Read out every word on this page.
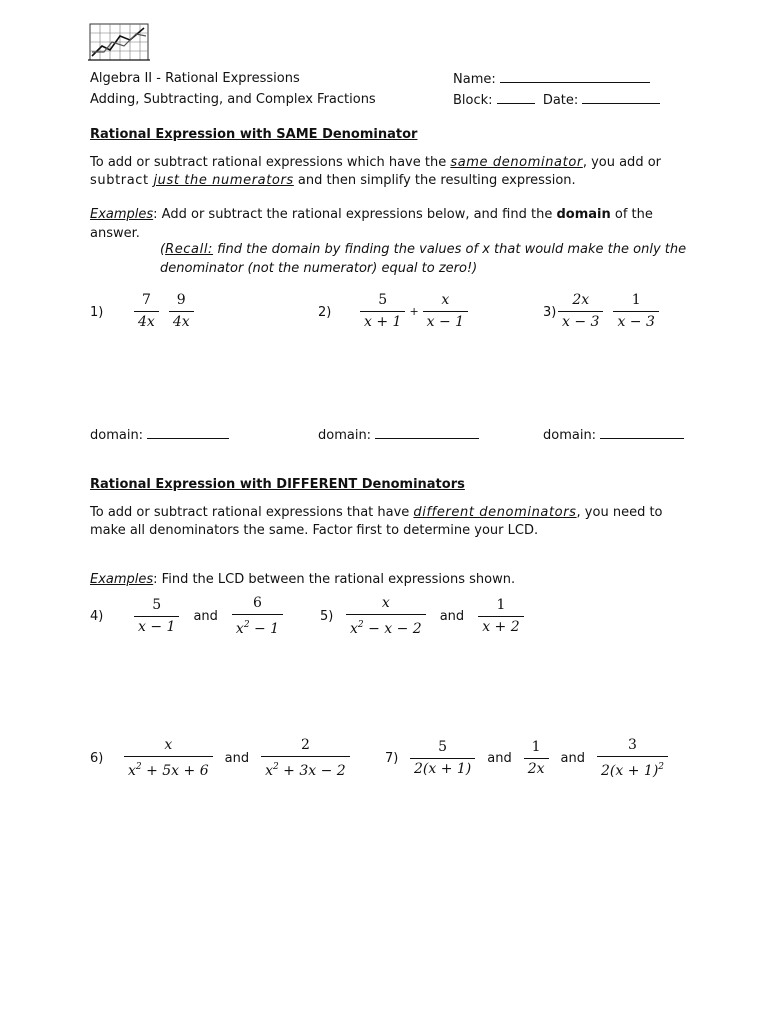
Algebra II - Rational Expressions
Adding, Subtracting, and Complex Fractions
Name:
Block:	Date:
Rational Expression with SAME Denominator
To add or subtract rational expressions which have the same denominator, you add or
subtract just the numerators and then simplify the resulting expression.
Examples: Add or subtract the rational expressions below, and find the domain of the
answer.
(Recall: find the domain by finding the values of x that would make the only the
denominator (not the numerator) equal to zero!)
$1) \frac{7}{4x} \frac{9}{4x}$	$2) \frac{5}{x + 1} + \frac{x}{x - 1}$	$3) \frac{2x}{x - 3} \frac{1}{x - 3}$
domain:	domain:	domain:
Rational Expression with DIFFERENT Denominators
To add or subtract rational expressions that have different denominators, you need to
make all denominators the same. Factor first to determine your LCD.
Examples: Find the LCD between the rational expressions shown.
$4) \frac{5}{x - 1}$ and $\frac{6}{x^2 - 1}$	$5) \frac{x}{x^2 - x - 2}$ and $\frac{1}{x + 2}$
$6) \frac{x}{x^2 + 5x + 6}$ and $\frac{2}{x^2 + 3x - 2}$	$7) \frac{5}{2(x + 1)}$ and $\frac{1}{2x}$ and $\frac{3}{2(x + 1)^2}$
